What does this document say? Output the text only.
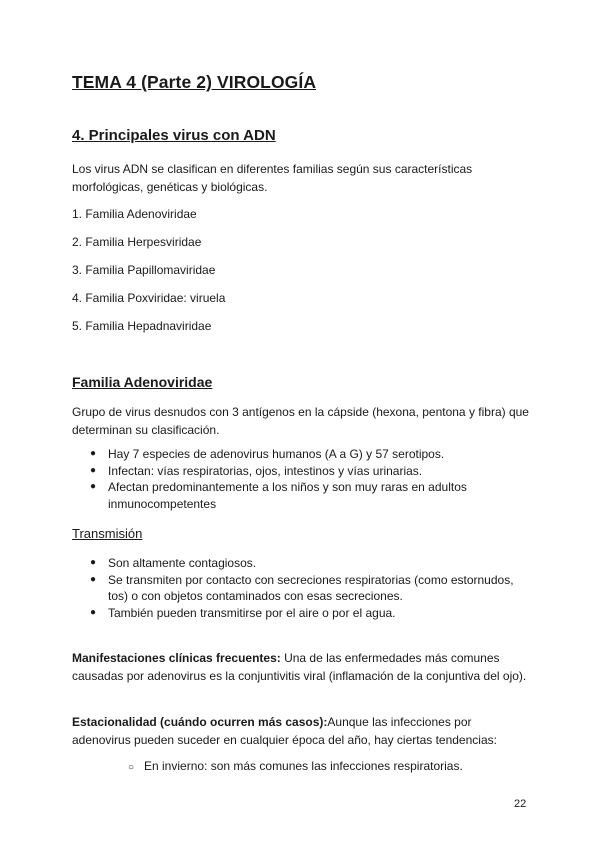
TEMA 4 (Parte 2) VIROLOGÍA
4. Principales virus con ADN
Los virus ADN se clasifican en diferentes familias según sus características morfológicas, genéticas y biológicas.
1. Familia Adenoviridae
2. Familia Herpesviridae
3. Familia Papillomaviridae
4. Familia Poxviridae: viruela
5. Familia Hepadnaviridae
Familia Adenoviridae
Grupo de virus desnudos con 3 antígenos en la cápside (hexona, pentona y fibra) que determinan su clasificación.
● Hay 7 especies de adenovirus humanos (A a G) y 57 serotipos.
● Infectan: vías respiratorias, ojos, intestinos y vías urinarias.
● Afectan predominantemente a los niños y son muy raras en adultos inmunocompetentes
Transmisión
● Son altamente contagiosos.
● Se transmiten por contacto con secreciones respiratorias (como estornudos, tos) o con objetos contaminados con esas secreciones.
● También pueden transmitirse por el aire o por el agua.
Manifestaciones clínicas frecuentes: Una de las enfermedades más comunes causadas por adenovirus es la conjuntivitis viral (inflamación de la conjuntiva del ojo).
Estacionalidad (cuándo ocurren más casos):Aunque las infecciones por adenovirus pueden suceder en cualquier época del año, hay ciertas tendencias:
○ En invierno: son más comunes las infecciones respiratorias.
22
